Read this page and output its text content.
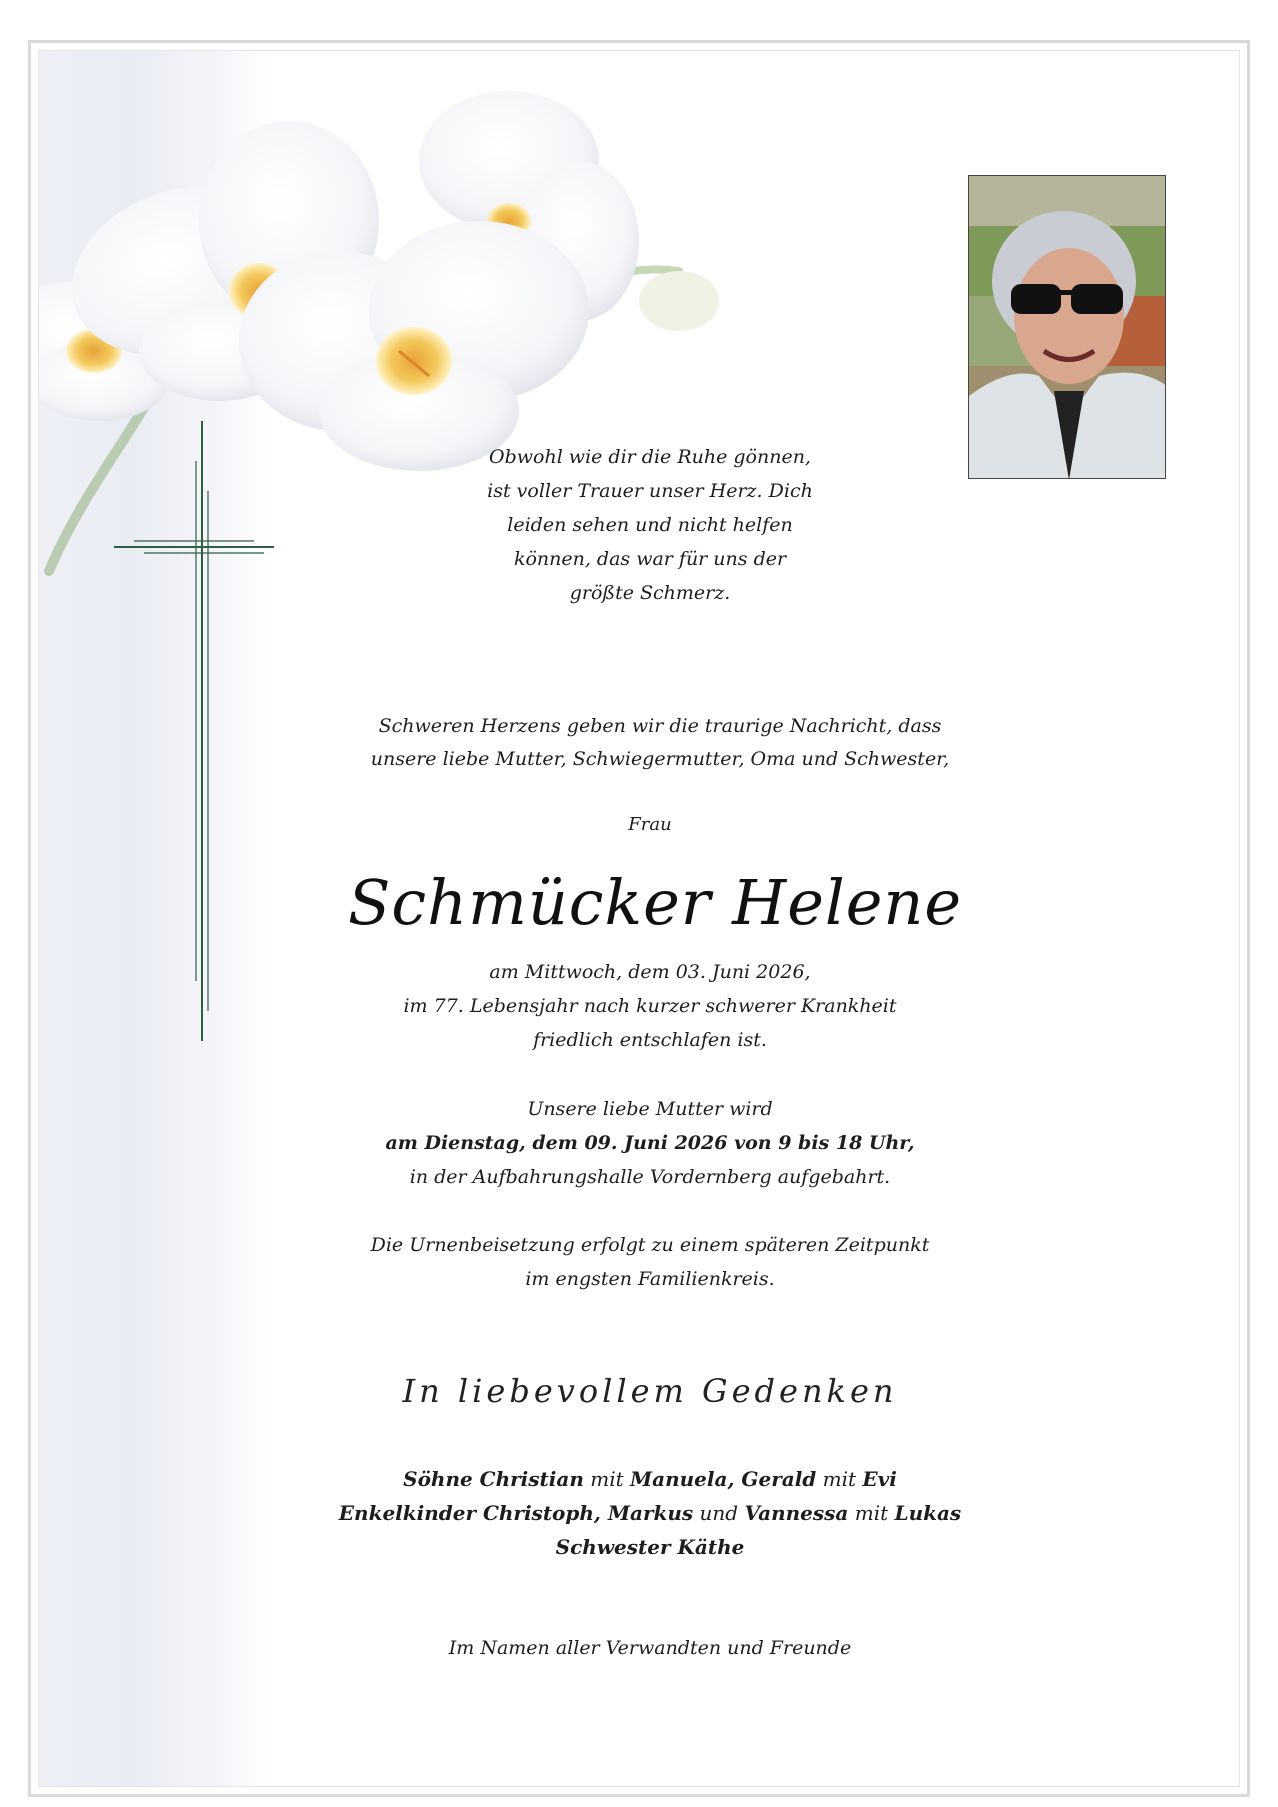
Obwohl wie dir die Ruhe gönnen,
ist voller Trauer unser Herz. Dich
leiden sehen und nicht helfen
können, das war für uns der
größte Schmerz.
Schweren Herzens geben wir die traurige Nachricht, dass
unsere liebe Mutter, Schwiegermutter, Oma und Schwester,
Frau
Schmücker Helene
am Mittwoch, dem 03. Juni 2026,
im 77. Lebensjahr nach kurzer schwerer Krankheit
friedlich entschlafen ist.
Unsere liebe Mutter wird
am Dienstag, dem 09. Juni 2026 von 9 bis 18 Uhr,
in der Aufbahrungshalle Vordernberg aufgebahrt.
Die Urnenbeisetzung erfolgt zu einem späteren Zeitpunkt
im engsten Familienkreis.
In liebevollem Gedenken
Söhne Christian mit Manuela, Gerald mit Evi
Enkelkinder Christoph, Markus und Vannessa mit Lukas
Schwester Käthe
Im Namen aller Verwandten und Freunde
